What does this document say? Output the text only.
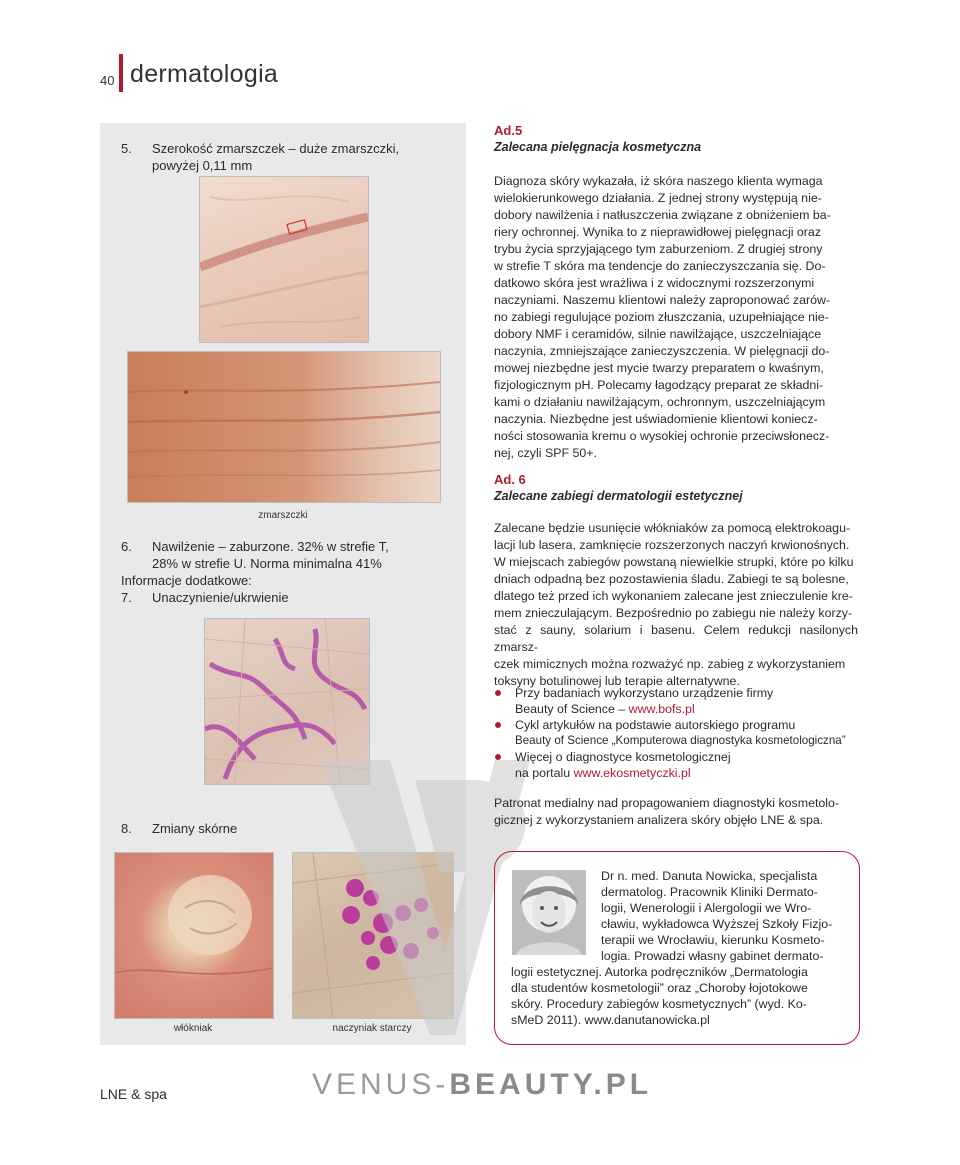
40 dermatologia
5. Szerokość zmarszczek – duże zmarszczki,
powyżej 0,11 mm
zmarszczki
6. Nawilżenie – zaburzone. 32% w strefie T,
28% w strefie U. Norma minimalna 41%
Informacje dodatkowe:
7. Unaczynienie/ukrwienie
8. Zmiany skórne
włókniak	naczyniak starczy
Ad.5
Zalecana pielęgnacja kosmetyczna
Diagnoza skóry wykazała, iż skóra naszego klienta wymaga
wielokierunkowego działania. Z jednej strony występują nie-
dobory nawilżenia i natłuszczenia związane z obniżeniem ba-
riery ochronnej. Wynika to z nieprawidłowej pielęgnacji oraz
trybu życia sprzyjającego tym zaburzeniom. Z drugiej strony
w strefie T skóra ma tendencje do zanieczyszczania się. Do-
datkowo skóra jest wrażliwa i z widocznymi rozszerzonymi
naczyniami. Naszemu klientowi należy zaproponować zarów-
no zabiegi regulujące poziom złuszczania, uzupełniające nie-
dobory NMF i ceramidów, silnie nawilżające, uszczelniające
naczynia, zmniejszające zanieczyszczenia. W pielęgnacji do-
mowej niezbędne jest mycie twarzy preparatem o kwaśnym,
fizjologicznym pH. Polecamy łagodzący preparat ze składni-
kami o działaniu nawilżającym, ochronnym, uszczelniającym
naczynia. Niezbędne jest uświadomienie klientowi koniecz-
ności stosowania kremu o wysokiej ochronie przeciwsłonecz-
nej, czyli SPF 50+.
Ad. 6
Zalecane zabiegi dermatologii estetycznej
Zalecane będzie usunięcie włókniaków za pomocą elektrokoagu-
lacji lub lasera, zamknięcie rozszerzonych naczyń krwionośnych.
W miejscach zabiegów powstaną niewielkie strupki, które po kilku
dniach odpadną bez pozostawienia śladu. Zabiegi te są bolesne,
dlatego też przed ich wykonaniem zalecane jest znieczulenie kre-
mem znieczulającym. Bezpośrednio po zabiegu nie należy korzy-
stać z sauny, solarium i basenu. Celem redukcji nasilonych zmarsz-
czek mimicznych można rozważyć np. zabieg z wykorzystaniem
toksyny botulinowej lub terapie alternatywne.
Przy badaniach wykorzystano urządzenie firmy
Beauty of Science – www.bofs.pl
Cykl artykułów na podstawie autorskiego programu
Beauty of Science „Komputerowa diagnostyka kosmetologiczna”
Więcej o diagnostyce kosmetologicznej
na portalu www.ekosmetyczki.pl
Patronat medialny nad propagowaniem diagnostyki kosmetolo-
gicznej z wykorzystaniem analizera skóry objęło LNE & spa.
Dr n. med. Danuta Nowicka, specjalista
dermatolog. Pracownik Kliniki Dermato-
logii, Wenerologii i Alergologii we Wro-
cławiu, wykładowca Wyższej Szkoły Fizjo-
terapii we Wrocławiu, kierunku Kosmeto-
logia. Prowadzi własny gabinet dermato-
logii estetycznej. Autorka podręczników „Dermatologia
dla studentów kosmetologii” oraz „Choroby łojotokowe
skóry. Procedury zabiegów kosmetycznych” (wyd. Ko-
sMeD 2011). www.danutanowicka.pl
LNE & spa	VENUS-BEAUTY.PL
